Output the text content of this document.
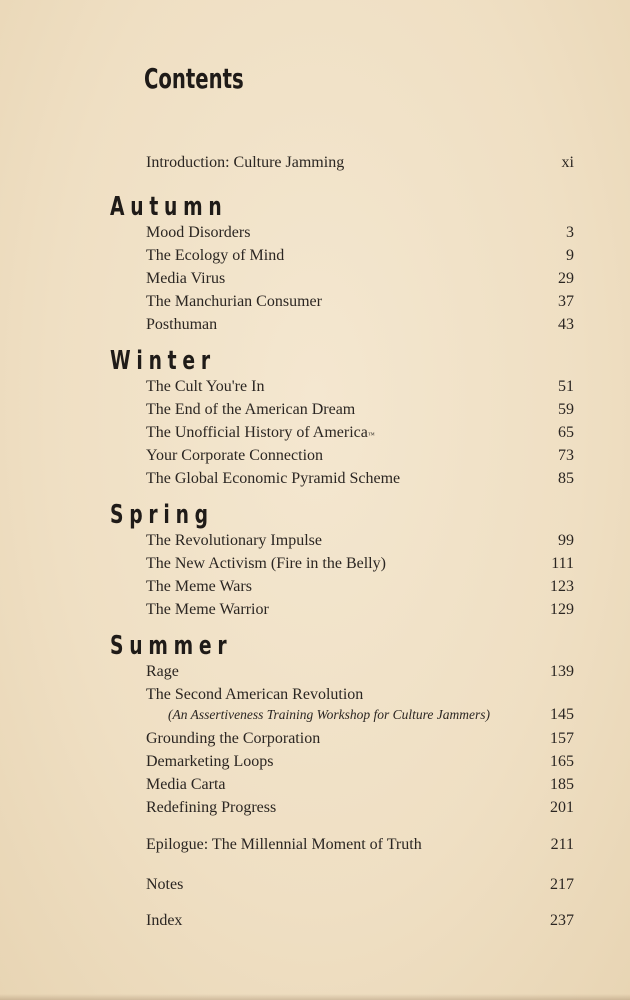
Contents
Introduction: Culture Jamming	xi
Autumn
Mood Disorders	3
The Ecology of Mind	9
Media Virus	29
The Manchurian Consumer	37
Posthuman	43
Winter
The Cult You're In	51
The End of the American Dream	59
The Unofficial History of America™	65
Your Corporate Connection	73
The Global Economic Pyramid Scheme	85
Spring
The Revolutionary Impulse	99
The New Activism (Fire in the Belly)	111
The Meme Wars	123
The Meme Warrior	129
Summer
Rage	139
The Second American Revolution
(An Assertiveness Training Workshop for Culture Jammers)	145
Grounding the Corporation	157
Demarketing Loops	165
Media Carta	185
Redefining Progress	201
Epilogue: The Millennial Moment of Truth	211
Notes	217
Index	237
